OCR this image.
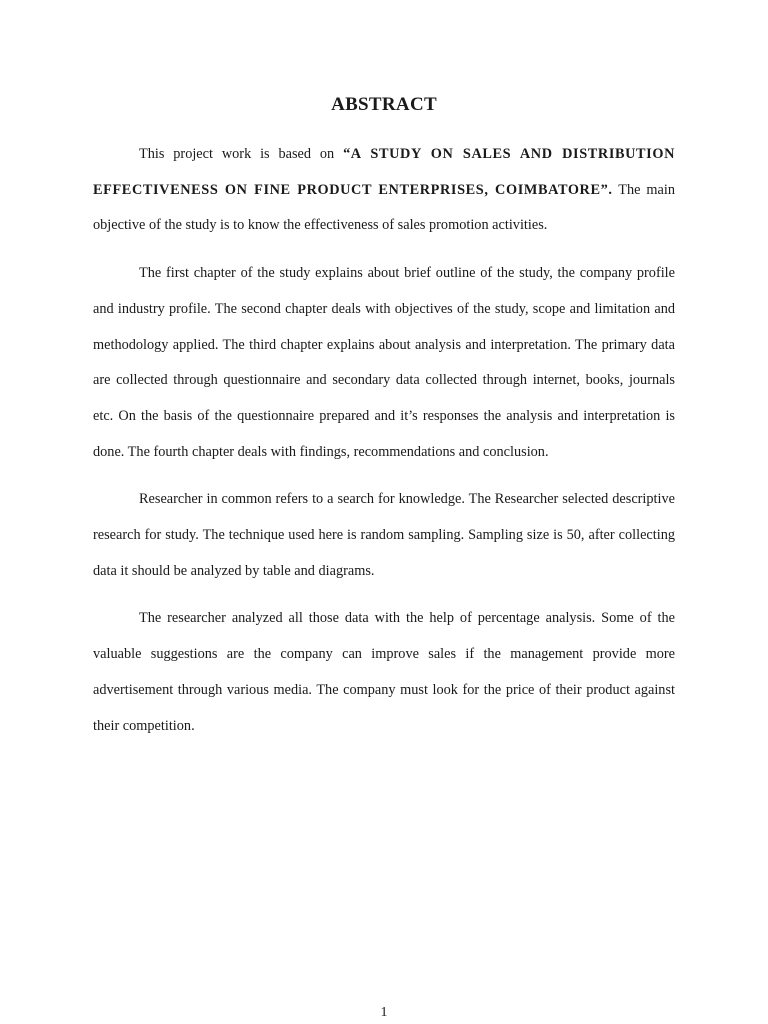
ABSTRACT

This project work is based on “A STUDY ON SALES AND DISTRIBUTION EFFECTIVENESS ON FINE PRODUCT ENTERPRISES, COIMBATORE”. The main objective of the study is to know the effectiveness of sales promotion activities.

The first chapter of the study explains about brief outline of the study, the company profile and industry profile. The second chapter deals with objectives of the study, scope and limitation and methodology applied. The third chapter explains about analysis and interpretation. The primary data are collected through questionnaire and secondary data collected through internet, books, journals etc. On the basis of the questionnaire prepared and it’s responses the analysis and interpretation is done. The fourth chapter deals with findings, recommendations and conclusion.

Researcher in common refers to a search for knowledge. The Researcher selected descriptive research for study. The technique used here is random sampling. Sampling size is 50, after collecting data it should be analyzed by table and diagrams.

The researcher analyzed all those data with the help of percentage analysis. Some of the valuable suggestions are the company can improve sales if the management provide more advertisement through various media. The company must look for the price of their product against their competition.

1
